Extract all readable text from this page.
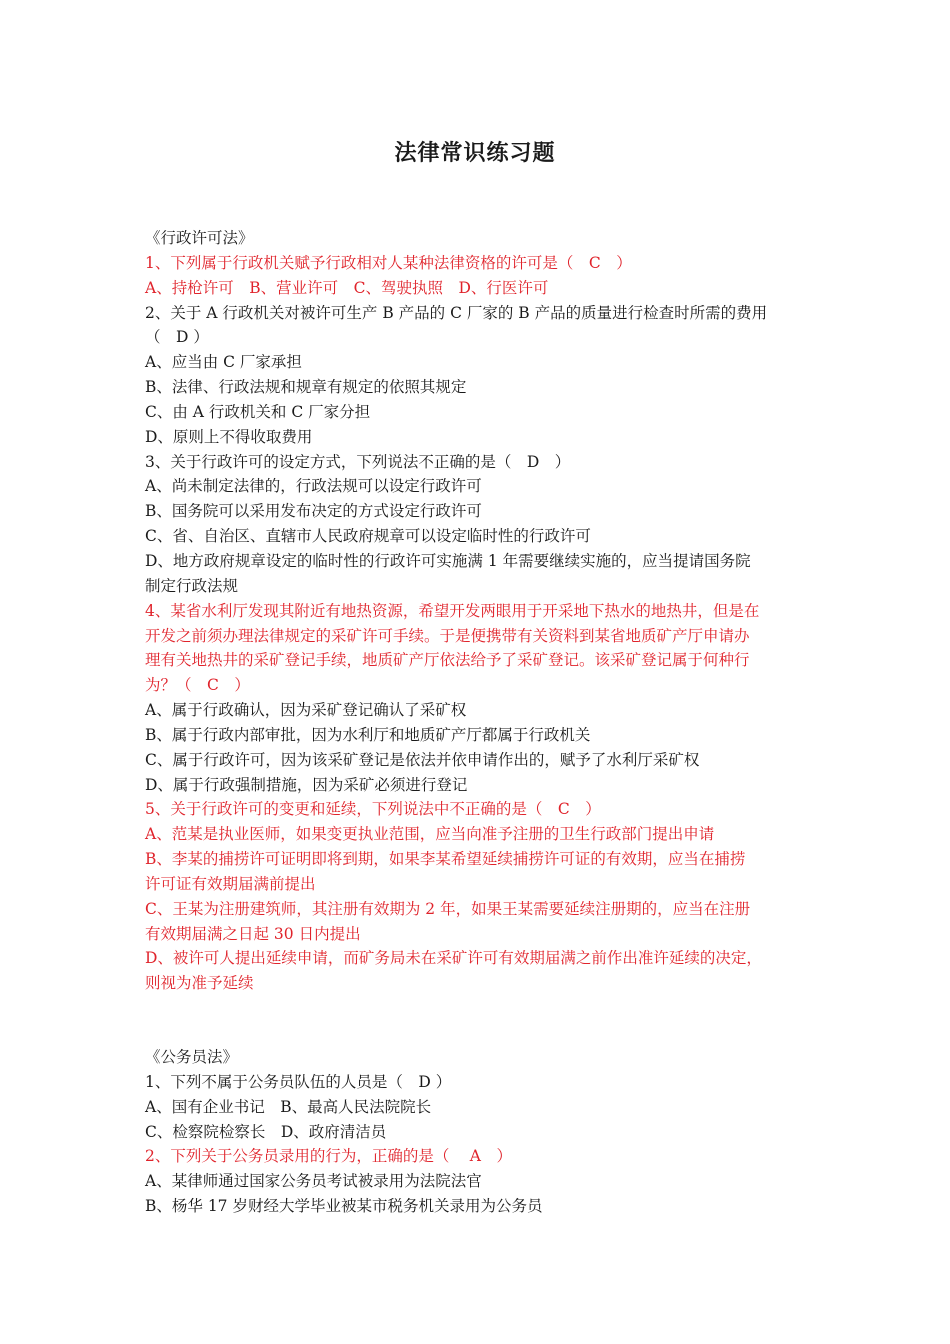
法律常识练习题
《行政许可法》
1、下列属于行政机关赋予行政相对人某种法律资格的许可是（　C　）
A、持枪许可　B、营业许可　C、驾驶执照　D、行医许可
2、关于 A 行政机关对被许可生产 B 产品的 C 厂家的 B 产品的质量进行检查时所需的费用
（　D ）
A、应当由 C 厂家承担
B、法律、行政法规和规章有规定的依照其规定
C、由 A 行政机关和 C 厂家分担
D、原则上不得收取费用
3、关于行政许可的设定方式，下列说法不正确的是（　D　）
A、尚未制定法律的，行政法规可以设定行政许可
B、国务院可以采用发布决定的方式设定行政许可
C、省、自治区、直辖市人民政府规章可以设定临时性的行政许可
D、地方政府规章设定的临时性的行政许可实施满 1 年需要继续实施的，应当提请国务院
制定行政法规
4、某省水利厅发现其附近有地热资源，希望开发两眼用于开采地下热水的地热井，但是在
开发之前须办理法律规定的采矿许可手续。于是便携带有关资料到某省地质矿产厅申请办
理有关地热井的采矿登记手续，地质矿产厅依法给予了采矿登记。该采矿登记属于何种行
为？（　C　）
A、属于行政确认，因为采矿登记确认了采矿权
B、属于行政内部审批，因为水利厅和地质矿产厅都属于行政机关
C、属于行政许可，因为该采矿登记是依法并依申请作出的，赋予了水利厅采矿权
D、属于行政强制措施，因为采矿必须进行登记
5、关于行政许可的变更和延续，下列说法中不正确的是（　C　）
A、范某是执业医师，如果变更执业范围，应当向准予注册的卫生行政部门提出申请
B、李某的捕捞许可证明即将到期，如果李某希望延续捕捞许可证的有效期，应当在捕捞
许可证有效期届满前提出
C、王某为注册建筑师，其注册有效期为 2 年，如果王某需要延续注册期的，应当在注册
有效期届满之日起 30 日内提出
D、被许可人提出延续申请，而矿务局未在采矿许可有效期届满之前作出准许延续的决定，
则视为准予延续
《公务员法》
1、下列不属于公务员队伍的人员是（　D ）
A、国有企业书记　B、最高人民法院院长
C、检察院检察长　D、政府清洁员
2、下列关于公务员录用的行为，正确的是（　 A　）
A、某律师通过国家公务员考试被录用为法院法官
B、杨华 17 岁财经大学毕业被某市税务机关录用为公务员
